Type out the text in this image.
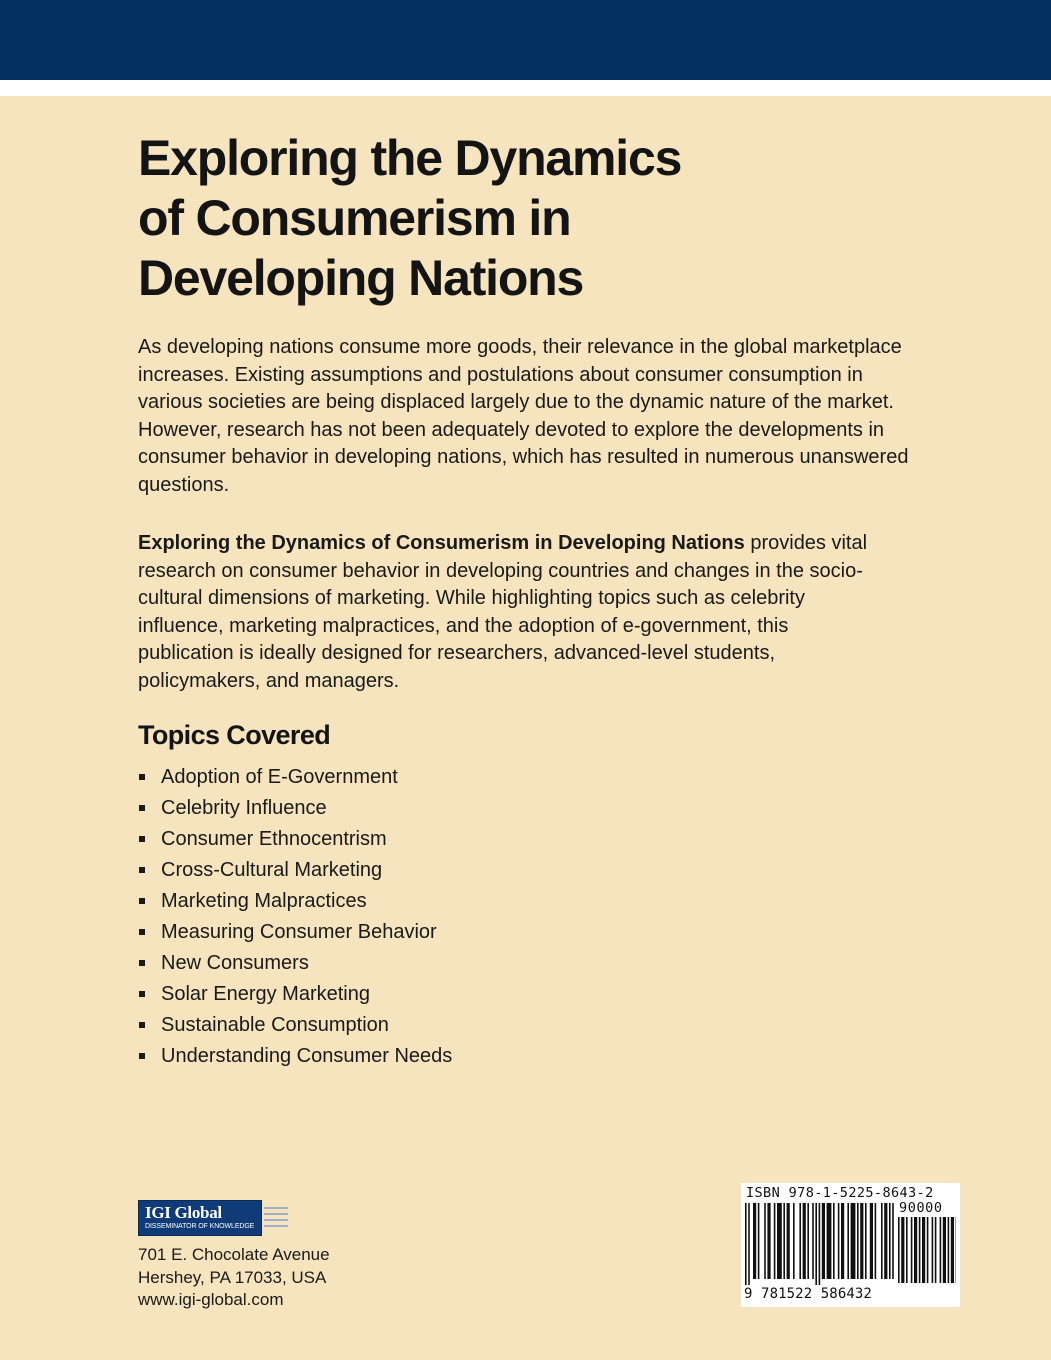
Exploring the Dynamics
of Consumerism in
Developing Nations

As developing nations consume more goods, their relevance in the global marketplace increases. Existing assumptions and postulations about consumer consumption in various societies are being displaced largely due to the dynamic nature of the market. However, research has not been adequately devoted to explore the developments in consumer behavior in developing nations, which has resulted in numerous unanswered questions.

Exploring the Dynamics of Consumerism in Developing Nations provides vital research on consumer behavior in developing countries and changes in the socio-cultural dimensions of marketing. While highlighting topics such as celebrity influence, marketing malpractices, and the adoption of e-government, this publication is ideally designed for researchers, advanced-level students, policymakers, and managers.

Topics Covered
Adoption of E-Government
Celebrity Influence
Consumer Ethnocentrism
Cross-Cultural Marketing
Marketing Malpractices
Measuring Consumer Behavior
New Consumers
Solar Energy Marketing
Sustainable Consumption
Understanding Consumer Needs
IGI Global
DISSEMINATOR OF KNOWLEDGE
701 E. Chocolate Avenue
Hershey, PA 17033, USA
www.igi-global.com
ISBN 978-1-5225-8643-2
90000
9 781522 586432
